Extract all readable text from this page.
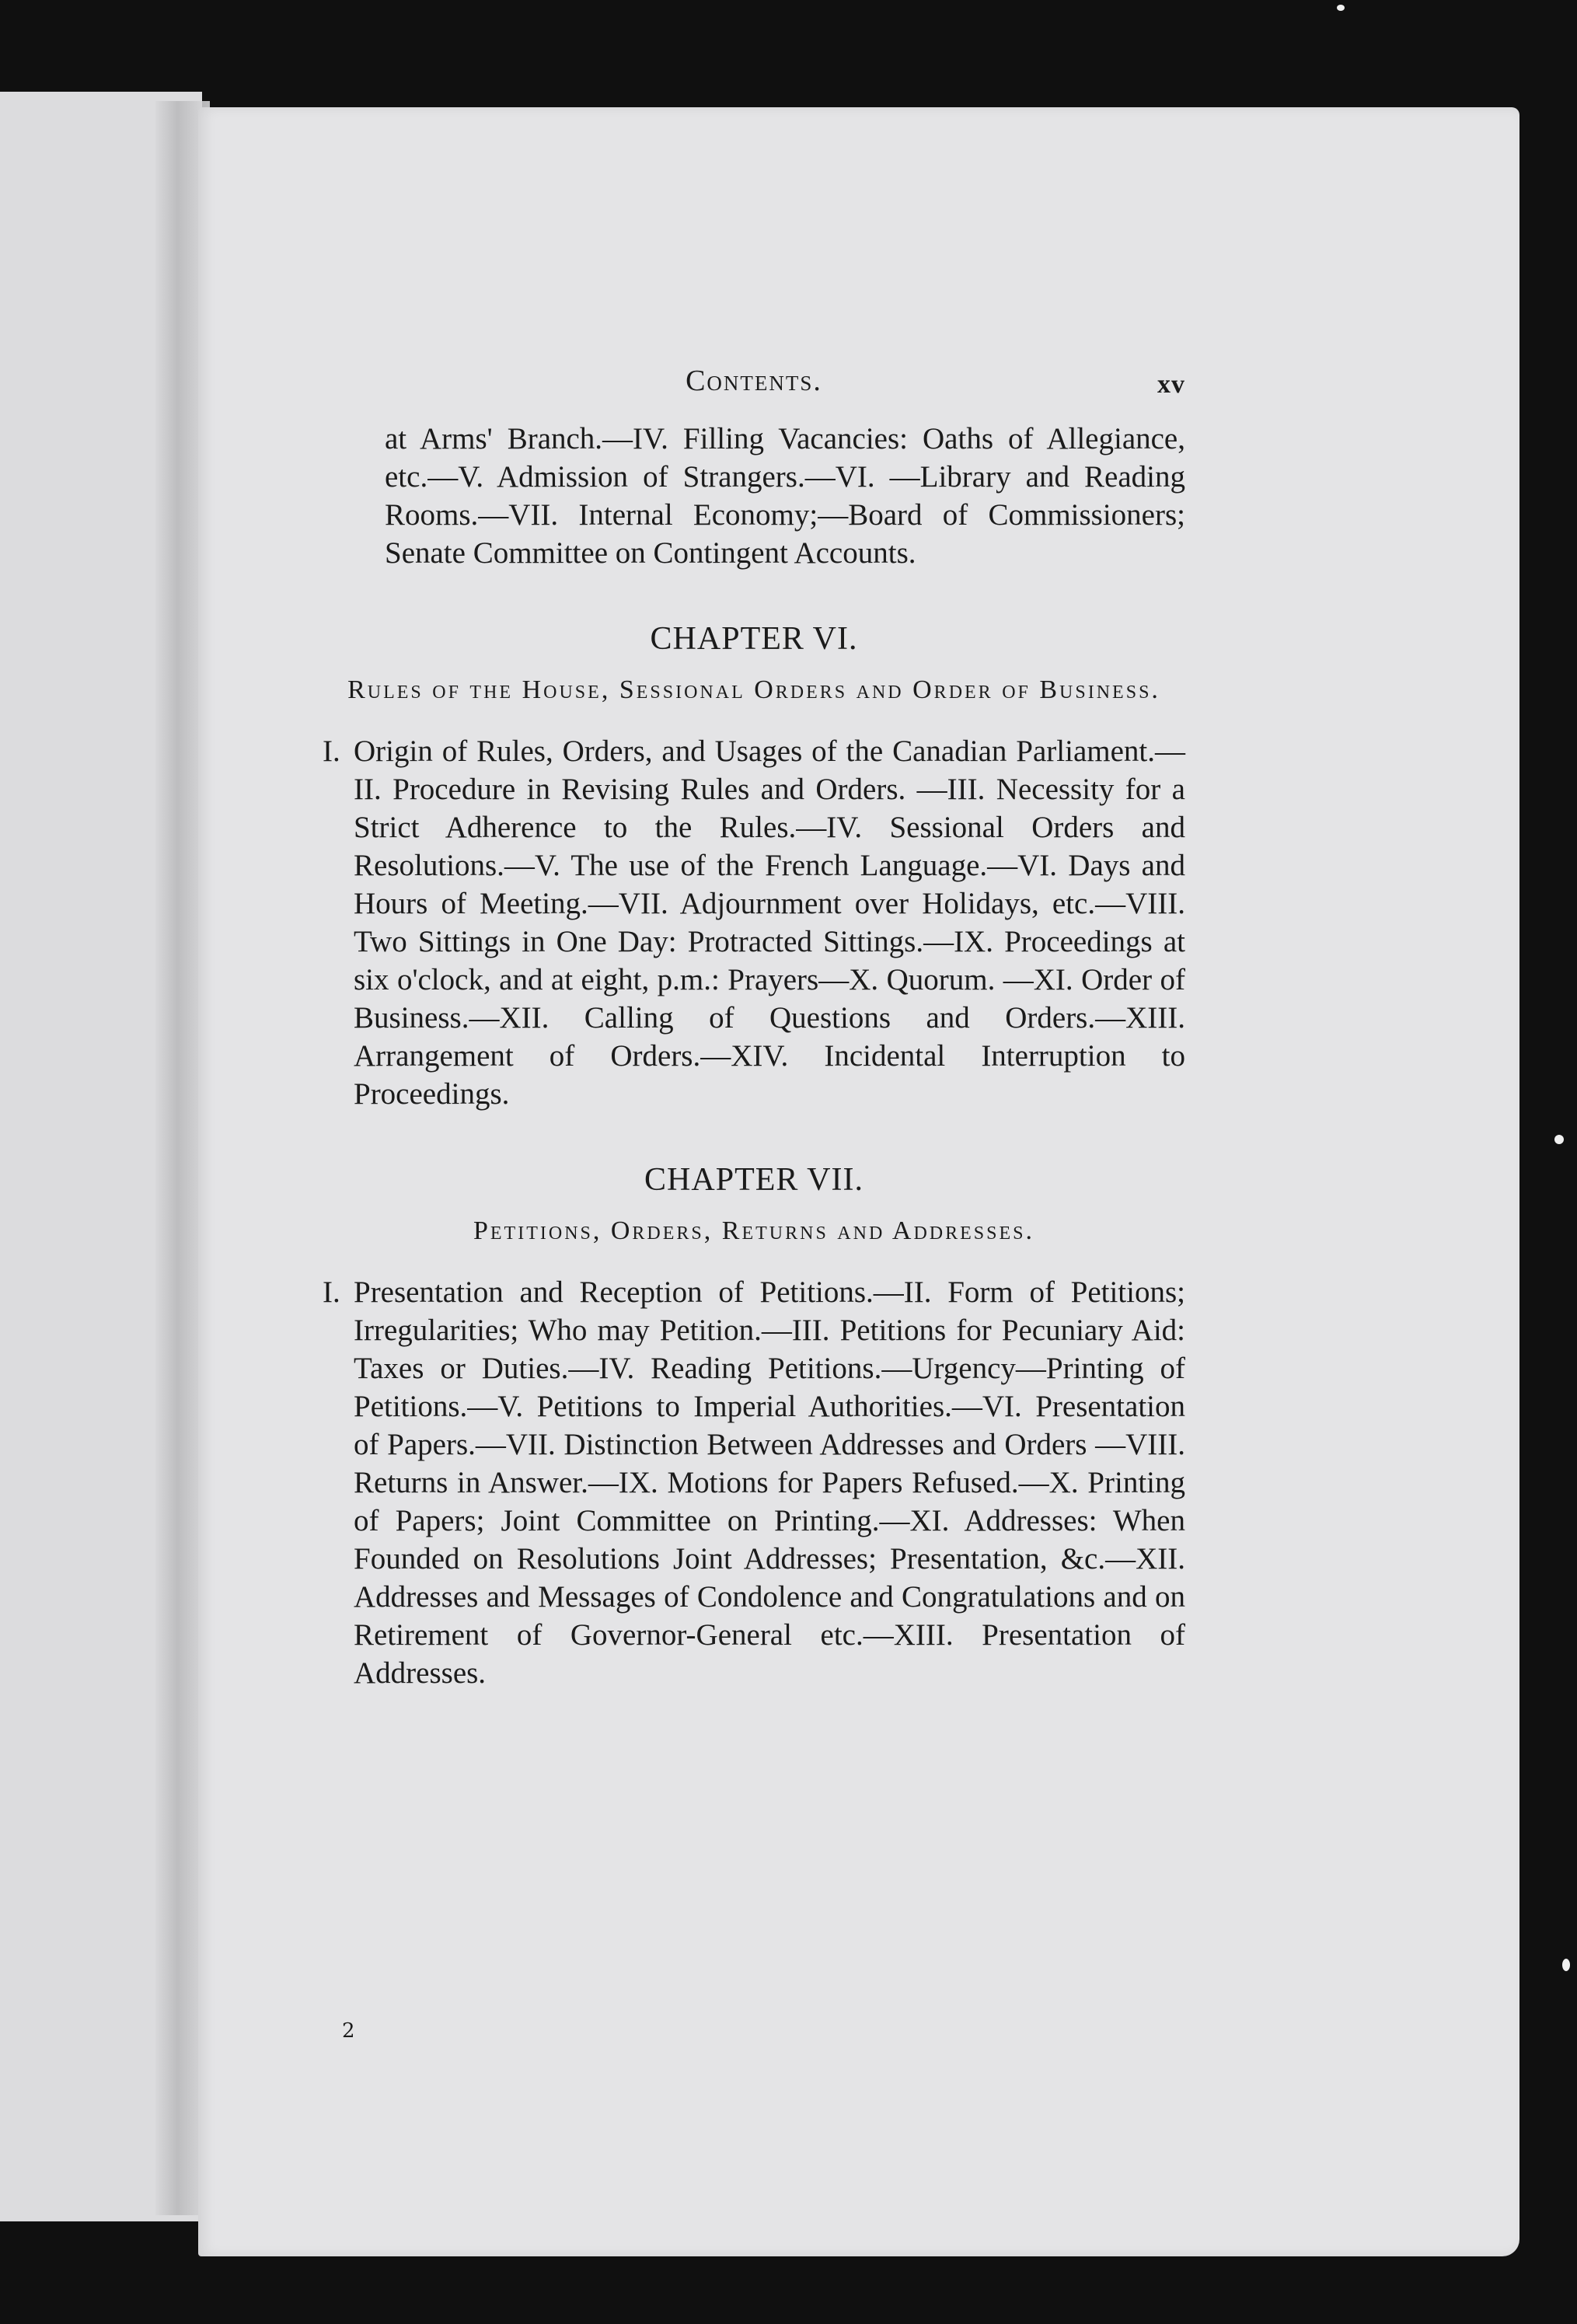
Contents.	xv

at Arms' Branch.—IV. Filling Vacancies: Oaths of Allegiance, etc.—V. Admission of Strangers.—VI. —Library and Reading Rooms.—VII. Internal Economy;—Board of Commissioners; Senate Committee on Contingent Accounts.

CHAPTER VI.

Rules of the House, Sessional Orders and Order of Business.

I. Origin of Rules, Orders, and Usages of the Canadian Parliament.—II. Procedure in Revising Rules and Orders. —III. Necessity for a Strict Adherence to the Rules.—IV. Sessional Orders and Resolutions.—V. The use of the French Language.—VI. Days and Hours of Meeting.—VII. Adjournment over Holidays, etc.—VIII. Two Sittings in One Day: Protracted Sittings.—IX. Proceedings at six o'clock, and at eight, p.m.: Prayers—X. Quorum. —XI. Order of Business.—XII. Calling of Questions and Orders.—XIII. Arrangement of Orders.—XIV. Incidental Interruption to Proceedings.
CHAPTER VII.

Petitions, Orders, Returns and Addresses.

I. Presentation and Reception of Petitions.—II. Form of Petitions; Irregularities; Who may Petition.—III. Petitions for Pecuniary Aid: Taxes or Duties.—IV. Reading Petitions.—Urgency—Printing of Petitions.—V. Petitions to Imperial Authorities.—VI. Presentation of Papers.—VII. Distinction Between Addresses and Orders —VIII. Returns in Answer.—IX. Motions for Papers Refused.—X. Printing of Papers; Joint Committee on Printing.—XI. Addresses: When Founded on Resolutions Joint Addresses; Presentation, &c.—XII. Addresses and Messages of Condolence and Congratulations and on Retirement of Governor-General etc.—XIII. Presentation of Addresses.
2
